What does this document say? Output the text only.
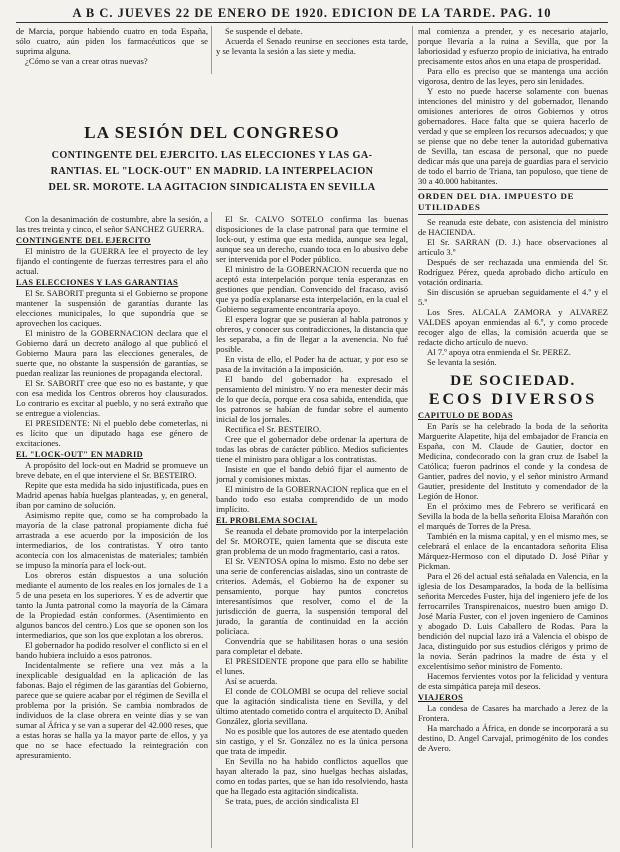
A B C. JUEVES 22 DE ENERO DE 1920. EDICION DE LA TARDE. PAG. 10

de Marcia, porque habiendo cuatro en toda España, sólo cuatro, aún piden los farmacéuticos que se suprima alguna.

¿Cómo se van a crear otras nuevas?

Se suspende el debate.

Acuerda el Senado reunirse en secciones esta tarde, y se levanta la sesión a las siete y media.

LA SESIÓN DEL CONGRESO
CONTINGENTE DEL EJERCITO. LAS ELECCIONES Y LAS GA-
RANTIAS. EL "LOCK-OUT" EN MADRID. LA INTERPELACION
DEL SR. MOROTE. LA AGITACION SINDICALISTA EN SEVILLA

Con la desanimación de costumbre, abre la sesión, a las tres treinta y cinco, el señor SANCHEZ GUERRA.

CONTINGENTE DEL EJERCITO

El ministro de la GUERRA lee el proyecto de ley fijando el contingente de fuerzas terrestres para el año actual.

LAS ELECCIONES Y LAS GARANTIAS

El Sr. SABORIT pregunta si el Gobierno se propone mantener la suspensión de garantías durante las elecciones municipales, lo que supondría que se aprovechen los caciques.

El ministro de la GOBERNACION declara que el Gobierno dará un decreto análogo al que publicó el Gobierno Maura para las elecciones generales, de suerte que, no obstante la suspensión de garantías, se puedan realizar las reuniones de propaganda electoral.

El Sr. SABORIT cree que eso no es bastante, y que con esa medida los Centros obreros hoy clausurados. Lo contrario es excitar al pueblo, y no será extraño que se entregue a violencias.

El PRESIDENTE: Ni el pueblo debe cometerlas, ni es lícito que un diputado haga ese género de excitaciones.

EL "LOCK-OUT" EN MADRID

A propósito del lock-out en Madrid se promueve un breve debate, en el que interviene el Sr. BESTEIRO.

Repite que esta medida ha sido injustificada, pues en Madrid apenas había huelgas planteadas, y, en general, iban por camino de solución.

Asimismo repite que, como se ha comprobado la mayoría de la clase patronal propiamente dicha fué arrastrada a ese acuerdo por la imposición de los intermediarios, de los contratistas. Y otro tanto acontecía con los almacenistas de materiales; también se impuso la minoría para el lock-out.

Los obreros están dispuestos a una solución mediante el aumento de los reales en los jornales de 1 a 5 de una peseta en los superiores. Y es de advertir que tanto la Junta patronal como la mayoría de la Cámara de la Propiedad están conformes. (Asentimiento en algunos bancos del centro.) Los que se oponen son los intermediarios, que son los que explotan a los obreros.

El gobernador ha podido resolver el conflicto si en el bando hubiera incluido a esos patronos.

Incidentalmente se refiere una vez más a la inexplicable desigualdad en la aplicación de las fabonas. Bajo el régimen de las garantías del Gobierno, parece que se quiere acabar por el régimen de Sevilla el problema por la prisión. Se cambia nombrados de individuos de la clase obrera en veinte días y se van sumar al África y se van a superar del 42.000 reses, que a estas horas se halla ya la mayor parte de ellos, y ya que no se hace efectuado la reintegración con apresuramiento.

El Sr. CALVO SOTELO confirma las buenas disposiciones de la clase patronal para que termine el lock-out, y estima que esta medida, aunque sea legal, aunque sea un derecho, cuando toca en lo abusivo debe ser intervenida por el Poder público.

El ministro de la GOBERNACION recuerda que no aceptó esta interpelación porque tenía esperanzas en gestiones que pendían. Convencido del fracaso, avisó que ya podía explanarse esta interpelación, en la cual el Gobierno seguramente encontraría apoyo.

El espera lograr que se pusieran al habla patronos y obreros, y conocer sus contradicciones, la distancia que les separaba, a fin de llegar a la avenencia. No fué posible.

En vista de ello, el Poder ha de actuar, y por eso se pasa de la invitación a la imposición.

El bando del gobernador ha expresado el pensamiento del ministro. Y no era menester decir más de lo que decía, porque era cosa sabida, entendida, que los patronos se habían de fundar sobre el aumento inicial de los jornales.

Rectifica el Sr. BESTEIRO.

Cree que el gobernador debe ordenar la apertura de todas las obras de carácter público. Medios suficientes tiene el ministro para obligar a los contratistas.

Insiste en que el bando debió fijar el aumento de jornal y comisiones mixtas.

El ministro de la GOBERNACION replica que en el bando todo eso estaba comprendido de un modo implícito.

EL PROBLEMA SOCIAL

Se reanuda el debate promovido por la interpelación del Sr. MOROTE, quien lamenta que se discuta este gran problema de un modo fragmentario, casi a ratos.

El Sr. VENTOSA opina lo mismo. Esto no debe ser una serie de conferencias aisladas, sino un contraste de criterios. Además, el Gobierno ha de exponer su pensamiento, porque hay puntos concretos interesantísimos que resolver, como el de la jurisdicción de guerra, la suspensión temporal del jurado, la garantía de continuidad en la acción policíaca.

Convendría que se habilitasen horas o una sesión para completar el debate.

El PRESIDENTE propone que para ello se habilite el lunes.

Así se acuerda.

El conde de COLOMBI se ocupa del relieve social que la agitación sindicalista tiene en Sevilla, y del último atentado cometido contra el arquitecto D. Aníbal González, gloria sevillana.

No es posible que los autores de ese atentado queden sin castigo, y el Sr. González no es la única persona que trata de impedir.

En Sevilla no ha habido conflictos aquellos que hayan alterado la paz, sino huelgas hechas aisladas, como en todas partes, que se han ido resolviendo, hasta que ha llegado esta agitación sindicalista.

Se trata, pues, de acción sindicalista El

mal comienza a prender, y es necesario atajarlo, porque llevaría a la ruina a Sevilla, que por la laboriosidad y esfuerzo propio de iniciativa, ha entrado precisamente estos años en una etapa de prosperidad.

Para ello es preciso que se mantenga una acción vigorosa, dentro de las leyes, pero sin lenidades.

Y esto no puede hacerse solamente con buenas intenciones del ministro y del gobernador, llenando omisiones anteriores de otros Gobiernos y otros gobernadores. Hace falta que se quiera hacerlo de verdad y que se empleen los recursos adecuados; y que se piense que no debe tener la autoridad gubernativa de Sevilla, tan escasa de personal, que no puede dedicar más que una pareja de guardias para el servicio de todo el barrio de Triana, tan populoso, que tiene de 30 a 40.000 habitantes.

ORDEN DEL DIA. IMPUESTO DE UTILIDADES

Se reanuda este debate, con asistencia del ministro de HACIENDA.

El Sr. SARRAN (D. J.) hace observaciones al artículo 3.º

Después de ser rechazada una enmienda del Sr. Rodríguez Pérez, queda aprobado dicho artículo en votación ordinaria.

Sin discusión se aprueban seguidamente el 4.º y el 5.º

Los Sres. ALCALA ZAMORA y ALVAREZ VALDES apoyan enmiendas al 6.º, y como procede recoger algo de ellas, la comisión acuerda que se redacte dicho artículo de nuevo.

Al 7.º apoya otra enmienda el Sr. PEREZ.

Se levanta la sesión.

DE SOCIEDAD.
ECOS DIVERSOS
CAPITULO DE BODAS

En París se ha celebrado la boda de la señorita Marguerite Alapetite, hija del embajador de Francia en España, con M. Claude de Gautier, doctor en Medicina, condecorado con la gran cruz de Isabel la Católica; fueron padrinos el conde y la condesa de Gantier, padres del novio, y el señor ministro Armand Gautier, presidente del Instituto y comendador de la Legión de Honor.

En el próximo mes de Febrero se verificará en Sevilla la boda de la bella señorita Eloisa Marañón con el marqués de Torres de la Presa.

También en la misma capital, y en el mismo mes, se celebrará el enlace de la encantadora señorita Elisa Márquez-Hermoso con el diputado D. José Piñar y Pickman.

Para el 26 del actual está señalada en Valencia, en la iglesia de los Desamparados, la boda de la bellísima señorita Mercedes Fuster, hija del ingeniero jefe de los ferrocarriles Transpirenaicos, nuestro buen amigo D. José María Fuster, con el joven ingeniero de Caminos y abogado D. Luis Caballero de Rodas. Para la bendición del nupcial lazo irá a Valencia el obispo de Jaca, distinguido por sus estudios clérigos y primo de la novia. Serán padrinos la madre de ésta y el excelentísimo señor ministro de Fomento.

Hacemos fervientes votos por la felicidad y ventura de esta simpática pareja mil deseos.

VIAJEROS

La condesa de Casares ha marchado a Jerez de la Frontera.

Ha marchado a África, en donde se incorporará a su destino, D. Angel Carvajal, primogénito de los condes de Avero.
